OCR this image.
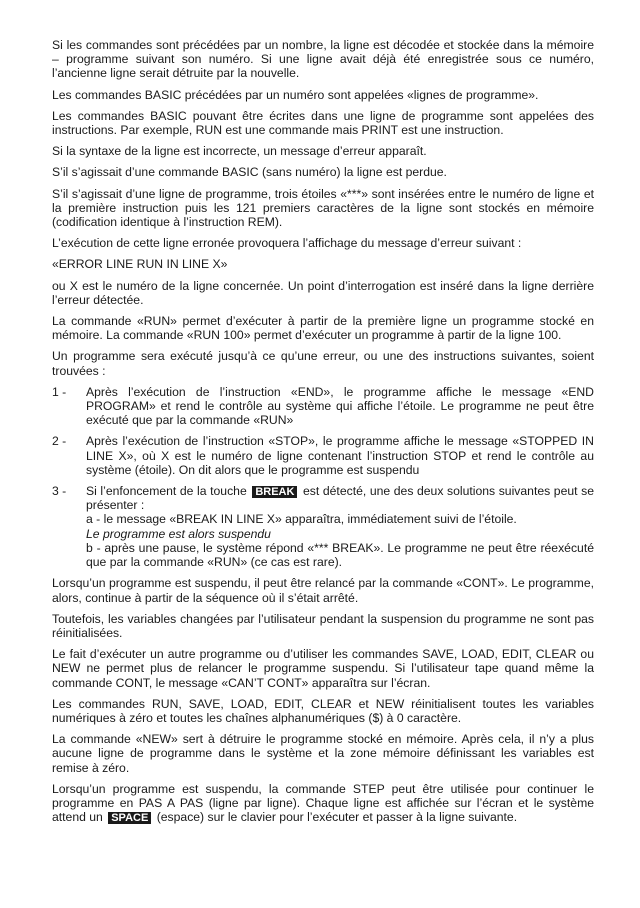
Si les commandes sont précédées par un nombre, la ligne est décodée et stockée dans la mémoire – programme suivant son numéro. Si une ligne avait déjà été enregistrée sous ce numéro, l’ancienne ligne serait détruite par la nouvelle.

Les commandes BASIC précédées par un numéro sont appelées «lignes de programme».

Les commandes BASIC pouvant être écrites dans une ligne de programme sont appelées des instructions. Par exemple, RUN est une commande mais PRINT est une instruction.

Si la syntaxe de la ligne est incorrecte, un message d’erreur apparaît.

S’il s’agissait d’une commande BASIC (sans numéro) la ligne est perdue.

S’il s’agissait d’une ligne de programme, trois étoiles «***» sont insérées entre le numéro de ligne et la première instruction puis les 121 premiers caractères de la ligne sont stockés en mémoire (codification identique à l’instruction REM).

L’exécution de cette ligne erronée provoquera l’affichage du message d’erreur suivant :

«ERROR LINE RUN IN LINE X»

ou X est le numéro de la ligne concernée. Un point d’interrogation est inséré dans la ligne derrière l’erreur détectée.

La commande «RUN» permet d’exécuter à partir de la première ligne un programme stocké en mémoire. La commande «RUN 100» permet d’exécuter un programme à partir de la ligne 100.

Un programme sera exécuté jusqu’à ce qu’une erreur, ou une des instructions suivantes, soient trouvées :

1 -	Après l’exécution de l’instruction «END», le programme affiche le message «END PROGRAM» et rend le contrôle au système qui affiche l’étoile. Le programme ne peut être exécuté que par la commande «RUN»
2 -	Après l’exécution de l’instruction «STOP», le programme affiche le message «STOPPED IN LINE X», où X est le numéro de ligne contenant l’instruction STOP et rend le contrôle au système (étoile). On dit alors que le programme est suspendu
3 -	Si l’enfoncement de la touche BREAK est détecté, une des deux solutions suivantes peut se présenter :
a - le message «BREAK IN LINE X» apparaîtra, immédiatement suivi de l’étoile.
Le programme est alors suspendu
b - après une pause, le système répond «*** BREAK». Le programme ne peut être réexécuté que par la commande «RUN» (ce cas est rare).

Lorsqu’un programme est suspendu, il peut être relancé par la commande «CONT». Le programme, alors, continue à partir de la séquence où il s’était arrêté.

Toutefois, les variables changées par l’utilisateur pendant la suspension du programme ne sont pas réinitialisées.

Le fait d’exécuter un autre programme ou d’utiliser les commandes SAVE, LOAD, EDIT, CLEAR ou NEW ne permet plus de relancer le programme suspendu. Si l’utilisateur tape quand même la commande CONT, le message «CAN’T CONT» apparaîtra sur l’écran.

Les commandes RUN, SAVE, LOAD, EDIT, CLEAR et NEW réinitialisent toutes les variables numériques à zéro et toutes les chaînes alphanumériques ($) à 0 caractère.

La commande «NEW» sert à détruire le programme stocké en mémoire. Après cela, il n’y a plus aucune ligne de programme dans le système et la zone mémoire définissant les variables est remise à zéro.

Lorsqu’un programme est suspendu, la commande STEP peut être utilisée pour continuer le programme en PAS A PAS (ligne par ligne). Chaque ligne est affichée sur l’écran et le système attend un SPACE (espace) sur le clavier pour l’exécuter et passer à la ligne suivante.
